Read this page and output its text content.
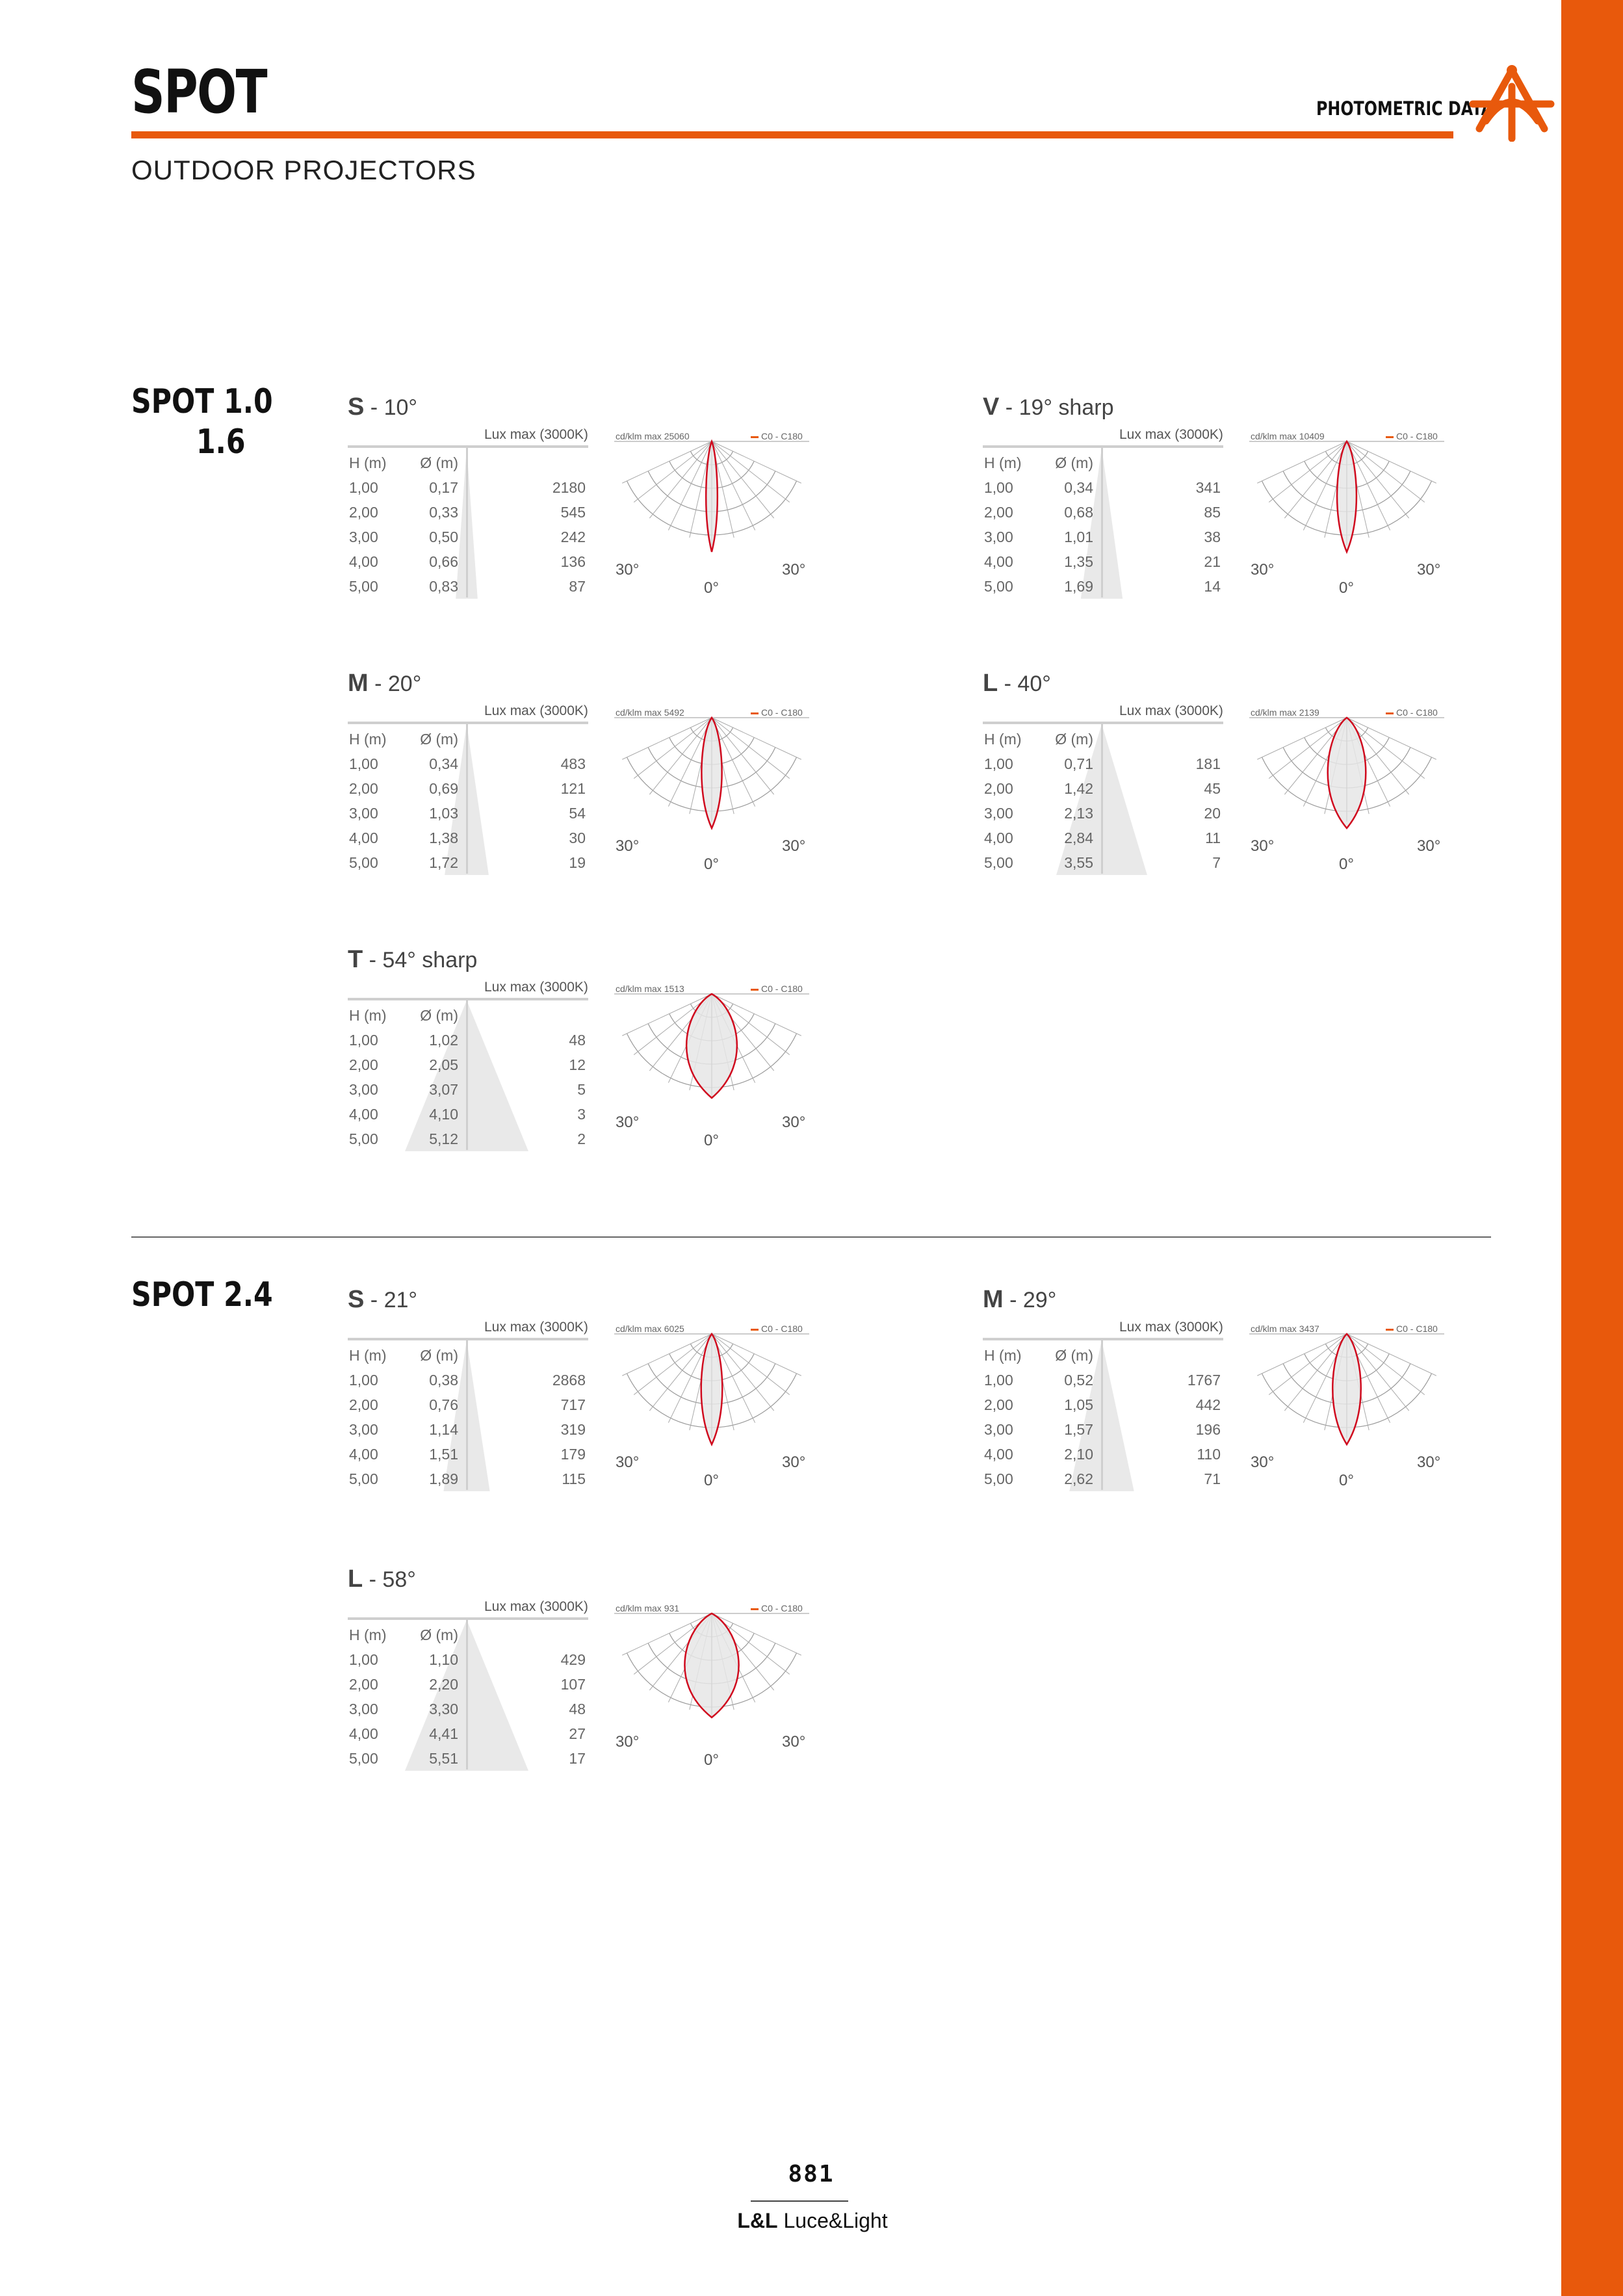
SPOT	PHOTOMETRIC DATA
OUTDOOR PROJECTORS
SPOT 1.0
1.6
SPOT 2.4
S - 10°
Lux max (3000K)
H (m)	Ø (m)
1,00	0,17	2180
2,00	0,33	545
3,00	0,50	242
4,00	0,66	136
5,00	0,83	87
cd/klm max 25060	C0 - C180
30°	30°
0°
V - 19° sharp
Lux max (3000K)
H (m)	Ø (m)
1,00	0,34	341
2,00	0,68	85
3,00	1,01	38
4,00	1,35	21
5,00	1,69	14
cd/klm max 10409	C0 - C180
30°	30°
0°
M - 20°
Lux max (3000K)
H (m)	Ø (m)
1,00	0,34	483
2,00	0,69	121
3,00	1,03	54
4,00	1,38	30
5,00	1,72	19
cd/klm max 5492	C0 - C180
30°	30°
0°
L - 40°
Lux max (3000K)
H (m)	Ø (m)
1,00	0,71	181
2,00	1,42	45
3,00	2,13	20
4,00	2,84	11
5,00	3,55	7
cd/klm max 2139	C0 - C180
30°	30°
0°
T - 54° sharp
Lux max (3000K)
H (m)	Ø (m)
1,00	1,02	48
2,00	2,05	12
3,00	3,07	5
4,00	4,10	3
5,00	5,12	2
cd/klm max 1513	C0 - C180
30°	30°
0°
S - 21°
Lux max (3000K)
H (m)	Ø (m)
1,00	0,38	2868
2,00	0,76	717
3,00	1,14	319
4,00	1,51	179
5,00	1,89	115
cd/klm max 6025	C0 - C180
30°	30°
0°
M - 29°
Lux max (3000K)
H (m)	Ø (m)
1,00	0,52	1767
2,00	1,05	442
3,00	1,57	196
4,00	2,10	110
5,00	2,62	71
cd/klm max 3437	C0 - C180
30°	30°
0°
L - 58°
Lux max (3000K)
H (m)	Ø (m)
1,00	1,10	429
2,00	2,20	107
3,00	3,30	48
4,00	4,41	27
5,00	5,51	17
cd/klm max 931	C0 - C180
30°	30°
0°
881
L&L Luce&Light
